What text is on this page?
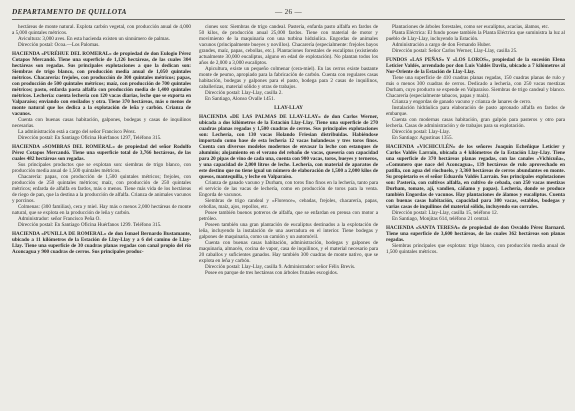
DEPARTAMENTO DE QUILLOTA	— 26 —

hectáreas de monte natural. Explota carbón vegetal, con producción anual de 4,000 a 5,000 quintales métricos.

Avicultura: 3,000 aves. En esta hacienda existen un sinnúmero de palmas.

Dirección postal: Ocoa.—Los Palomas.

HACIENDA «PURÉHUE DEL ROMERAL» de propiedad de don Eulogio Pérez Cotapos Mercandó. Tiene una superficie de 1,126 hectáreas, de las cuales 304 hectáreas son regadas. Sus principales explotaciones a que la dedican son: Siembras de trigo blanco, con producción media anual de 1,050 quintales métricos. Chacarería: frejoles, con producción de 300 quintales métricos; papas, con producción de 500 quintales métricos; maíz, con producción de 700 quintales métricos; pasto, enfarda pasta alfalfa con producción media de 1,400 quintales métricos. Lechería: cuenta lechería con 120 vacas diarias, leche que se exporta en Valparaíso; enviando con ensilados y otra. Tiene 370 hectáreas, más o menos de monte natural que los dedica a la explotación de leña y carbón. Crianza de vacunos.

Cuenta con buenas casas habitación, galpones, bodegas y casas de inquilinos necesarias.

La administración está a cargo del señor Francisco Pérez.

Dirección postal: En Santiago Oficina Huérfanos 1297, Teléfono 315.

HACIENDA «SOMBRAS DEL ROMERAL» de propiedad del señor Rodolfo Pérez Cotapos Mercandó. Tiene una superficie total de 3,766 hectáreas, de las cuales 482 hectáreas son regadas.

Sus principales productos que se explotan son: siembras de trigo blanco, con producción media anual de 1,500 quintales métricos.

Chacarería: papas, con producción de 1,500 quintales métricos; frejoles, con producción de 250 quintales métricos; maíz, con producción de 250 quintales métricos; enfarda de alfalfa en fardos, más o menos. Tiene más vida de los hectáreas de riego de pan, que la destina a la producción de alfalfa. Crianza de animales vacunos y porcinos.

Colmenas: (300 familias), cera y miel. Hay más o menos 2,000 hectáreas de monte natural, que se explota en la producción de leña y carbón.

Administrador: señor Francisco Peña O.

Dirección postal: En Santiago Oficina Huérfanos 1299. Teléfono 315.

HACIENDA «PUNILLA DE ROMERAL» de don Ismael Bernardo Bustamante, ubicado a 11 kilómetros de la Estación de Llay-Llay y a 6 del camino de Llay-Llay. Tiene una superficie de 30 cuadras planas regadas con canal propio del río Aconcagua y 900 cuadras de cerros. Sus principales produc-

ciones son: Siembras de trigo candeal. Pastería, enfarda pasto alfalfa en fardos de 50 kilos, de producción anual 25,000 fardos. Tiene con material de motor y movimiento de la maquinaria con una turbina hidráulica. Engordas de animales vacunos (principalmente bueyes y novillos). Chacarería (especialmente: frejoles bayos grandes, maíz, papas, cebollas, etc.). Plantaciones forestales de eucaliptus (existiendo actualmente 30,000 eucaliptus, alguno en edad de explotación). No plantan todos los años de 2,000 a 3,000 eucaliptos.

Apicultura, existe un pequeño colmenar (cera-miel). En las cerros existe bastante monte de peumo, apropiado para la fabricación de carbón. Cuenta con regulares casas habitación, bodegas y galpones para el pasto, bodega para 2 casas de inquilinos, caballerizas, material sólido y otras de trabajos.

Dirección postal: Llay-Llay, casilla 2.

En Santiago, Alonso Ovalle 1451.

LLAY-LLAY

HACIENDA «DE LAS PALMAS DE LLAY-LLAY» de don Carlos Werner, ubicada a dos kilómetros de la Estación Llay-Llay. Tiene una superficie de 270 cuadras planas regadas y 1,500 cuadras de cerros. Sus principales explotaciones son: Lechería, con 130 vacas Holando Friesian distribuidas. Habiéndose importado como base de esta lechería 12 vacas holandesas y tres toros finos. Cuenta con diversos modelos modernos de envasar la leche con estanques de aluminio; alojamiento en el verano del rebaño de vacas, quesería con capacidad para 20 pipas de vino de cada una, cuenta con 900 vacas, toros, bueyes y terneros, y una capacidad de 2,000 litros de leche. Lechería, con material de aparatos de este destino que no tiene igual un número de elaboración de 1,500 a 2,000 kilos de quesos, mantequilla, y leche en Valparaíso.

Crianza de ganado vacuno y Durham, con toros fino finos en la lechería, tanto para el servicio de las vacas de lechería, como en producción de toros para la venta. Engorda de vacunos.

Siembras de trigo candeal y «Florence», cebadas, frejoles, chacarería, papas, cebollas, maíz, ajos, repollos, etc.

Posee también buenos potreros de alfalfa, que se enfardan en prensa con motor a petróleo.

Poseen también una gran plantación de eucaliptus destinados a la explotación de leña, incluyendo la instalación de una aserradura en el interior. Tiene bodegas y galpones de maquinaria, como un camión y un automóvil.

Cuenta con buenas casas habitación, administración, bodegas y galpones de maquinaria, almacén, cocina de vapor, casa de inquilinos, y el material necesario para 20 caballos y suficientes ganados. Hay también 300 cuadras de monte nativo, que se explota en leña y carbón.

Dirección postal: Llay-Llay, casilla 9. Administrador: señor Félix Brevis.

Posee en parque de tres hectáreas con árboles frutales escogidos.

Plantaciones de árboles forestales, como ser eucaliptus, acacias, álamos, etc.

Planta Eléctrica: El fundo posee también la Planta Eléctrica que suministra la luz al pueblo de Llay-Llay, incluyendo la Estación.

Administración a cargo de don Fernando Huber.

Dirección postal: Señor Carlos Werner, Llay-Llay, casilla 25.

FUNDOS «LAS PEÑAS» Y «LOS LOROS», propiedad de la sucesión Elena Leticier Valdés, arrendado por don Luis Valdés Davila, ubicado a 7 kilómetros al Nor-Oriente de la Estación de Llay-Llay.

Tiene una superficie de 410 cuadras planas regadas, 150 cuadras planas de rulo y más o menos 300 cuadras de cerros. Dedicado a lechería, con 250 vacas mestizas Durham, cuyo producto se expende en Valparaíso. Siembras de trigo candeal y blanco. Chacarería (especialmente tabacos, papas y maíz).

Crianza y engordas de ganado vacuno y crianza de lanares de cerro.

Instalación hidráulica para elaboración de pasto apronado alfalfa en fardos de embarque.

Cuenta con modernas casas habitación, gran galpón para pasteros y otro para lechería. Casas de administración y de trabajos para su explotación.

Dirección postal: Llay-Llay.

En Santiago: Agustinas 1355.

HACIENDA «VICHICULÉN» de los señores Joaquín Echeñique Leticier y Carlos Valdés Larraín, ubicada a 4 kilómetros de la Estación Llay-Llay. Tiene una superficie de 370 hectáreas planas regadas, con las canales «Vichicuña», «Comunero que nace del Aconcagua», 139 hectáreas de rulo aprovechado en patilla, con agua del ríochuelo, y 3,360 hectáreas de cerros abundantes en monte. Su propietario es el señor Eduardo Valdés Larraín. Sus principales explotaciones son: Pastería, con cultivos alfalfa, en cultivo de cebada, con 250 vacas mestizas Durham, tomate, ají, vandien, cáñamo y papas). Lechería, donde se produce también Engordas de vacunos. Hay plantaciones de álamos y eucaliptus. Cuenta con buenas casas habitación, capacidad para 300 vacas, establos, bodegas y varias casas de inquilinos del material sólido, incluyendo sus corrales.

Dirección postal: Llay-Llay, casilla 15, teléfono 12.

En Santiago, Monjitas 614, teléfono 21 central.

HACIENDA «SANTA TERESA» de propiedad de don Osvaldo Pérez Barnard. Tiene una superficie de 3,600 hectáreas, de las cuales 362 hectáreas son planas regadas.

Siembras principales que explotan: trigo blanco, con producción media anual de 1,500 quintales métricos.
